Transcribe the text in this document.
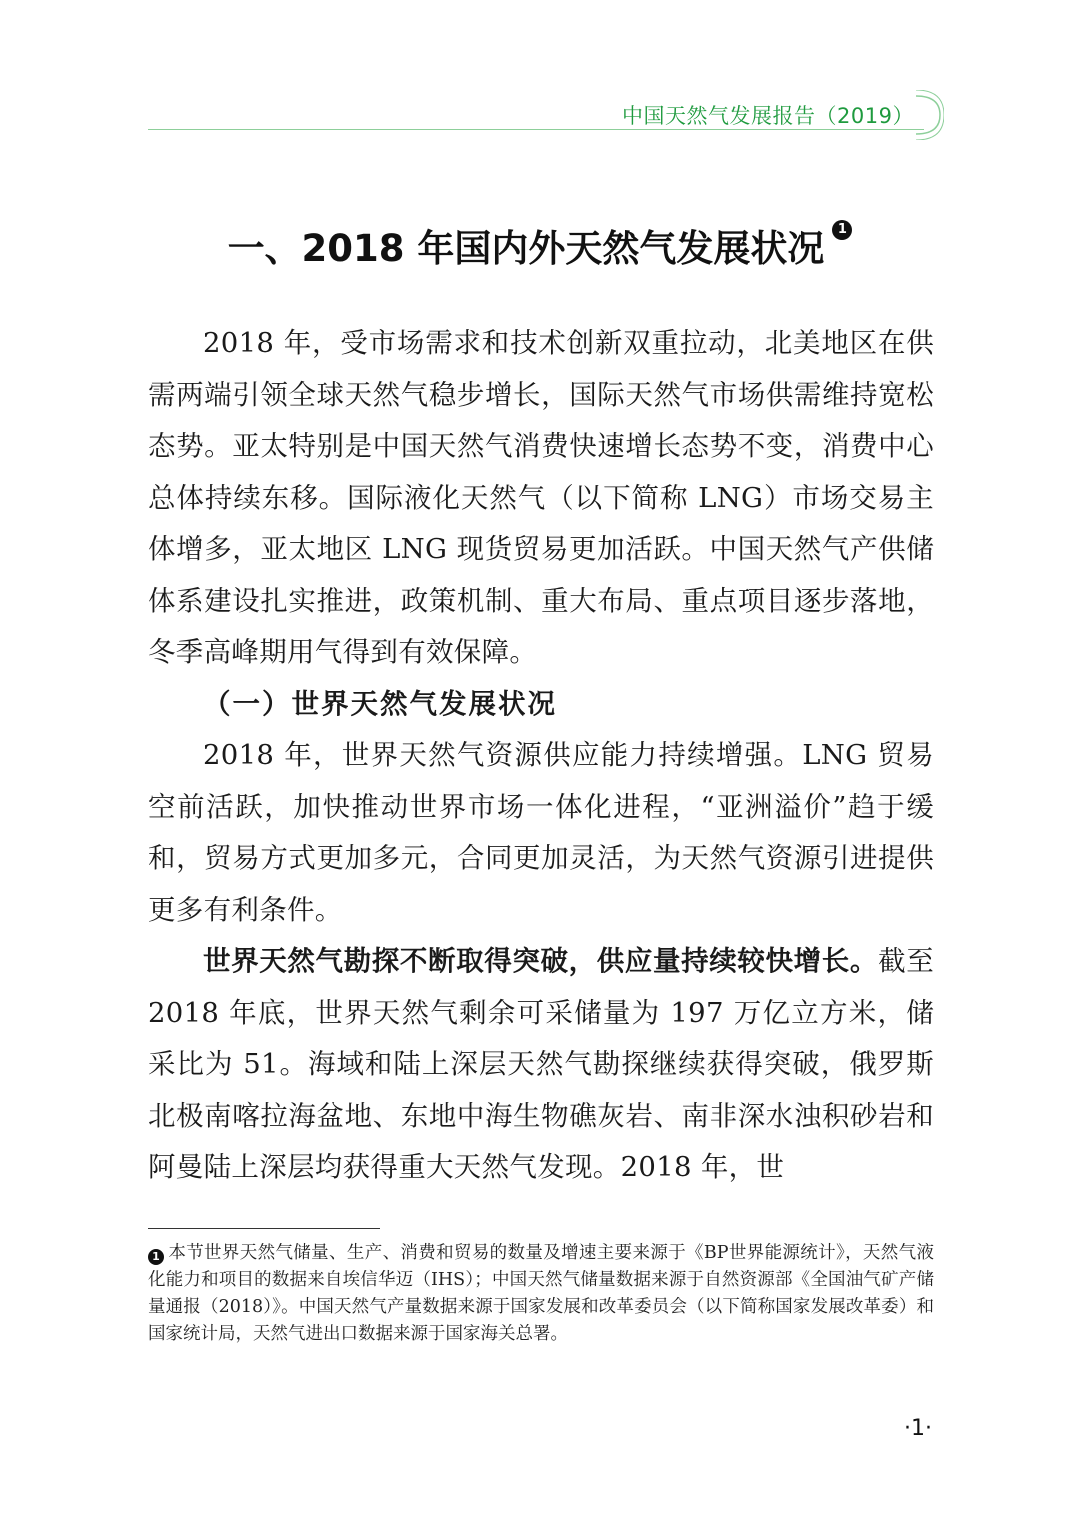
中国天然气发展报告（2019）
一、2018 年国内外天然气发展状况 1

2018 年，受市场需求和技术创新双重拉动，北美地区在供需两端引领全球天然气稳步增长，国际天然气市场供需维持宽松态势。亚太特别是中国天然气消费快速增长态势不变，消费中心总体持续东移。国际液化天然气（以下简称 LNG）市场交易主体增多，亚太地区 LNG 现货贸易更加活跃。中国天然气产供储体系建设扎实推进，政策机制、重大布局、重点项目逐步落地，冬季高峰期用气得到有效保障。

（一）世界天然气发展状况

2018 年，世界天然气资源供应能力持续增强。LNG 贸易空前活跃，加快推动世界市场一体化进程，“亚洲溢价”趋于缓和，贸易方式更加多元，合同更加灵活，为天然气资源引进提供更多有利条件。

世界天然气勘探不断取得突破，供应量持续较快增长。截至 2018 年底，世界天然气剩余可采储量为 197 万亿立方米，储采比为 51。海域和陆上深层天然气勘探继续获得突破，俄罗斯北极南喀拉海盆地、东地中海生物礁灰岩、南非深水浊积砂岩和阿曼陆上深层均获得重大天然气发现。2018 年，世

1 本节世界天然气储量、生产、消费和贸易的数量及增速主要来源于《BP世界能源统计》，天然气液化能力和项目的数据来自埃信华迈（IHS）；中国天然气储量数据来源于自然资源部《全国油气矿产储量通报（2018）》。中国天然气产量数据来源于国家发展和改革委员会（以下简称国家发展改革委）和国家统计局，天然气进出口数据来源于国家海关总署。
·1·
